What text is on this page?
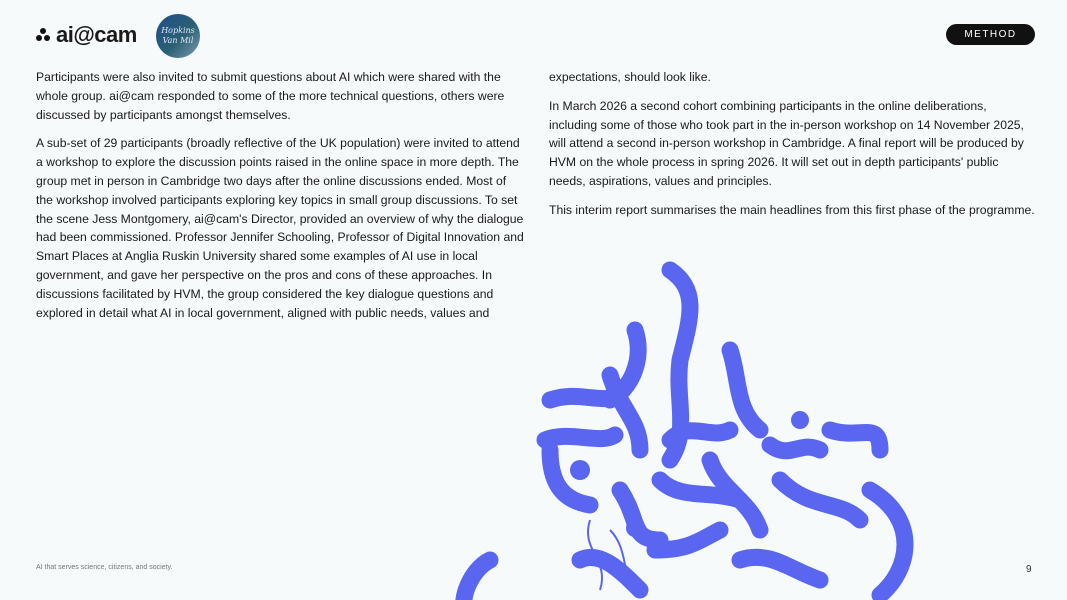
ai@cam	Hopkins
Van Mil
METHOD

Participants were also invited to submit questions about AI which were shared with the whole group. ai@cam responded to some of the more technical questions, others were discussed by participants amongst themselves.

A sub-set of 29 participants (broadly reflective of the UK population) were invited to attend a workshop to explore the discussion points raised in the online space in more depth. The group met in person in Cambridge two days after the online discussions ended. Most of the workshop involved participants exploring key topics in small group discussions. To set the scene Jess Montgomery, ai@cam's Director, provided an overview of why the dialogue had been commissioned. Professor Jennifer Schooling, Professor of Digital Innovation and Smart Places at Anglia Ruskin University shared some examples of AI use in local government, and gave her perspective on the pros and cons of these approaches. In discussions facilitated by HVM, the group considered the key dialogue questions and explored in detail what AI in local government, aligned with public needs, values and

expectations, should look like.

In March 2026 a second cohort combining participants in the online deliberations, including some of those who took part in the in-person workshop on 14 November 2025, will attend a second in-person workshop in Cambridge. A final report will be produced by HVM on the whole process in spring 2026. It will set out in depth participants' public needs, aspirations, values and principles.

This interim report summarises the main headlines from this first phase of the programme.

AI that serves science, citizens, and society.	9
